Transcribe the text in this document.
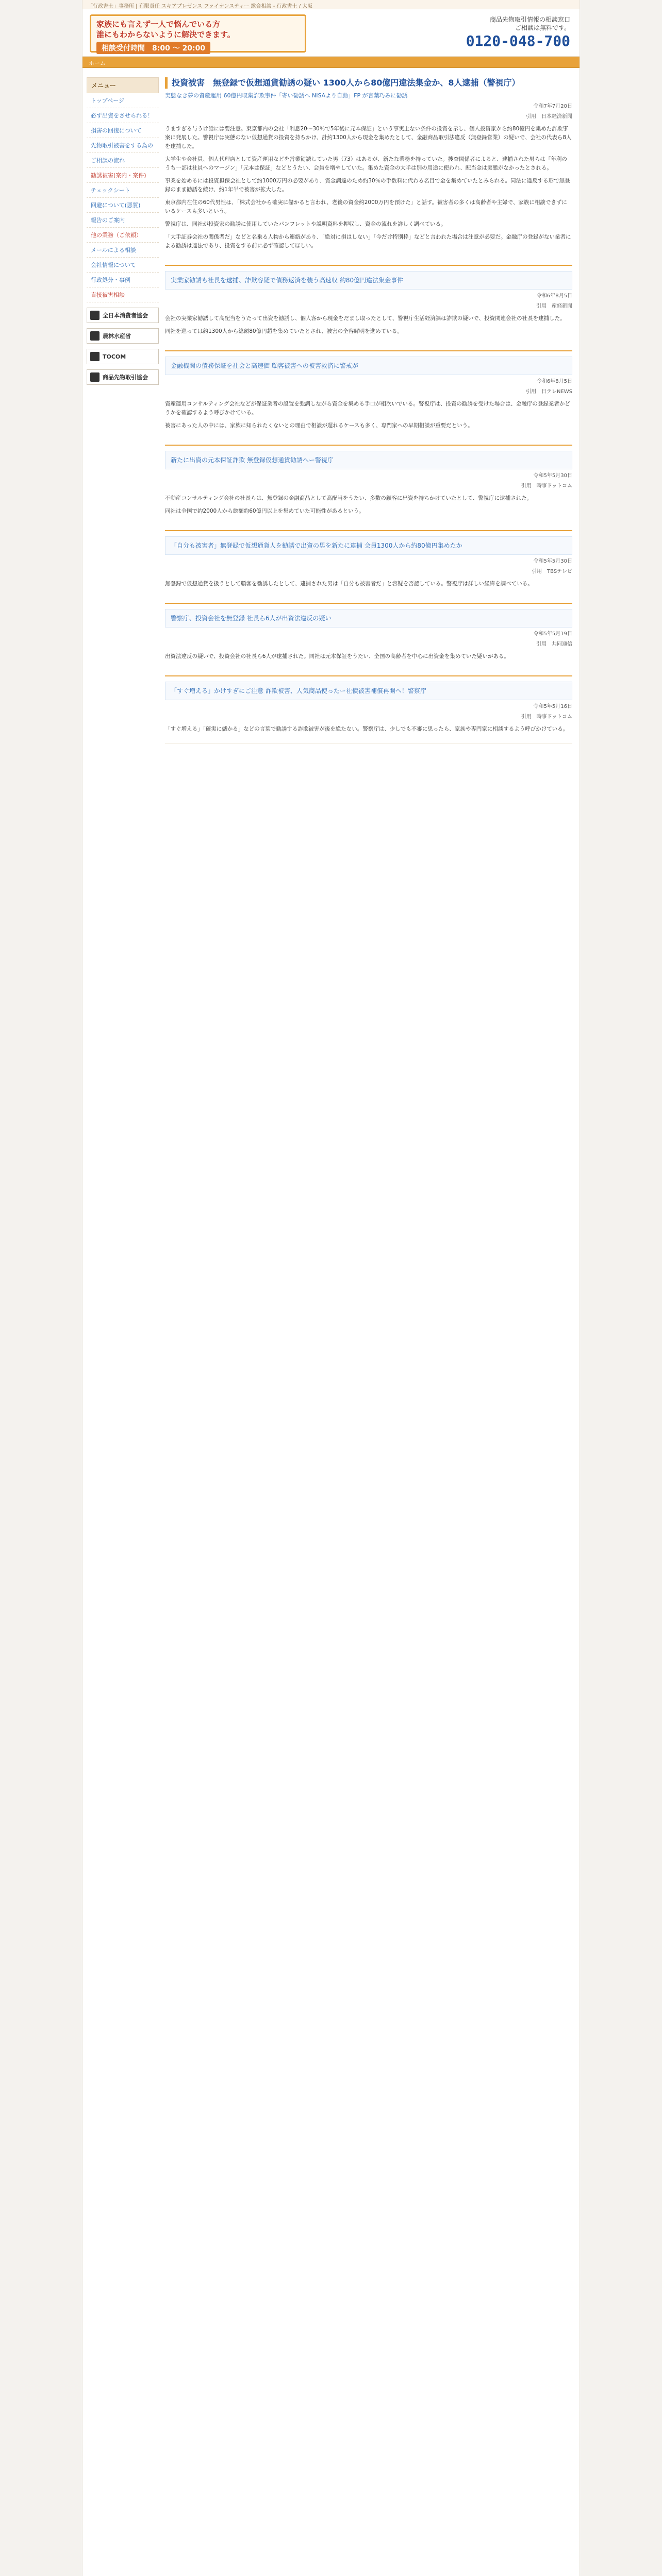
「行政書士」事務所 | 有限責任 スキアプレゼンス ファイナンスティー 総合相談 - 行政書士 / 大阪
家族にも言えず一人で悩んでいる方
誰にもわからないように解決できます。
相談受付時間　8:00 ～ 20:00
商品先物取引情報の相談窓口
ご相談は無料です。
0120-048-700
ホーム
メニュー
トップページ
必ず出資をさせられる！
損害の回復について
先物取引被害をする為の
ご相談の流れ
勧誘被害(案内・案件)
チェックシート
回避について(悪質)
報告のご案内
他の業務（ご依頼）
メールによる相談
会社情報について
行政処分・事例
直接被害相談
全日本消費者協会
農林水産省
TOCOM
商品先物取引協会
投資被害　無登録で仮想通貨勧誘の疑い 1300人から80億円違法集金か、8人逮捕（警視庁）
実態なき夢の資産運用 60億円収集詐欺事件「寄い勧誘へ NISAより自動」FP が言葉巧みに勧誘
令和7年7月20日
引用　日本経済新聞
うますぎる与うけ話には要注意。東京都内の会社「利息20〜30％で5年後に元本保証」という事実上ない条件の投資を示し、個人投資家から約80億円を集めた詐欺事案に発展した。警視庁は実態のない仮想通貨の投資を持ちかけ、計約1300人から現金を集めたとして、金融商品取引法違反（無登録営業）の疑いで、会社の代表ら8人を逮捕した。
大学生や会社員、個人代理店として資産運用などを営業勧誘していた男（73）はあるが、新たな業務を持っていた。捜査関係者によると、逮捕された男らは「年利のうち一部は社員へのマージン」「元本は保証」などとうたい、会員を増やしていた。集めた資金の大半は別の用途に使われ、配当金は実態がなかったとされる。
事業を始めるには投資担保会社として約1000万円の必要があり、資金調達のため約30％の手数料に代わる名目で金を集めていたとみられる。同法に違反する形で無登録のまま勧誘を続け、約1年半で被害が拡大した。
東京都内在住の60代男性は、「株式会社から確実に儲かると言われ、老後の資金約2000万円を預けた」と話す。被害者の多くは高齢者や主婦で、家族に相談できずにいるケースも多いという。
警視庁は、同社が投資家の勧誘に使用していたパンフレットや説明資料を押収し、資金の流れを詳しく調べている。
「大手証券会社の関係者だ」などと名乗る人物から連絡があり、「絶対に損はしない」「今だけ特別枠」などと言われた場合は注意が必要だ。金融庁の登録がない業者による勧誘は違法であり、投資をする前に必ず確認してほしい。
実業家勧誘も社長を逮捕、詐欺容疑で債務返済を装う高速収 約80億円違法集金事件
令和6年8月5日
引用　産経新聞
会社の実業家勧誘して高配当をうたって出資を勧誘し、個人客から現金をだまし取ったとして、警視庁生活経済課は詐欺の疑いで、投資関連会社の社長を逮捕した。
同社を巡っては約1300人から総額80億円超を集めていたとされ、被害の全容解明を進めている。
金融機関の債務保証を社会と高速価 顧客被害への被害救済に警戒が
令和6年8月5日
引用　日テレNEWS
資産運用コンサルティング会社などが保証業者の設置を強調しながら資金を集める手口が相次いでいる。警視庁は、投資の勧誘を受けた場合は、金融庁の登録業者かどうかを確認するよう呼びかけている。
被害にあった人の中には、家族に知られたくないとの理由で相談が遅れるケースも多く、専門家への早期相談が重要だという。
新たに出資の元本保証詐欺 無登録仮想通貨勧誘へー警視庁
令和5年5月30日
引用　時事ドットコム
不動産コンサルティング会社の社長らは、無登録の金融商品として高配当をうたい、多数の顧客に出資を持ちかけていたとして、警視庁に逮捕された。
同社は全国で約2000人から総額約60億円以上を集めていた可能性があるという。
「自分も被害者」無登録で仮想通貨人を勧誘で出資の男を新たに逮捕 会員1300人から約80億円集めたか
令和5年5月30日
引用　TBSテレビ
無登録で仮想通貨を扱うとして顧客を勧誘したとして、逮捕された男は「自分も被害者だ」と容疑を否認している。警視庁は詳しい経緯を調べている。
警察庁、投資会社を無登録 社長ら6人が出資法違反の疑い
令和5年5月19日
引用　共同通信
出資法違反の疑いで、投資会社の社長ら6人が逮捕された。同社は元本保証をうたい、全国の高齢者を中心に出資金を集めていた疑いがある。
「すぐ増える」かけすぎにご注意 詐欺被害、人気商品使ったー社債被害補償再開へ！警察庁
令和5年5月16日
引用　時事ドットコム
「すぐ増える」「確実に儲かる」などの言葉で勧誘する詐欺被害が後を絶たない。警察庁は、少しでも不審に思ったら、家族や専門家に相談するよう呼びかけている。
